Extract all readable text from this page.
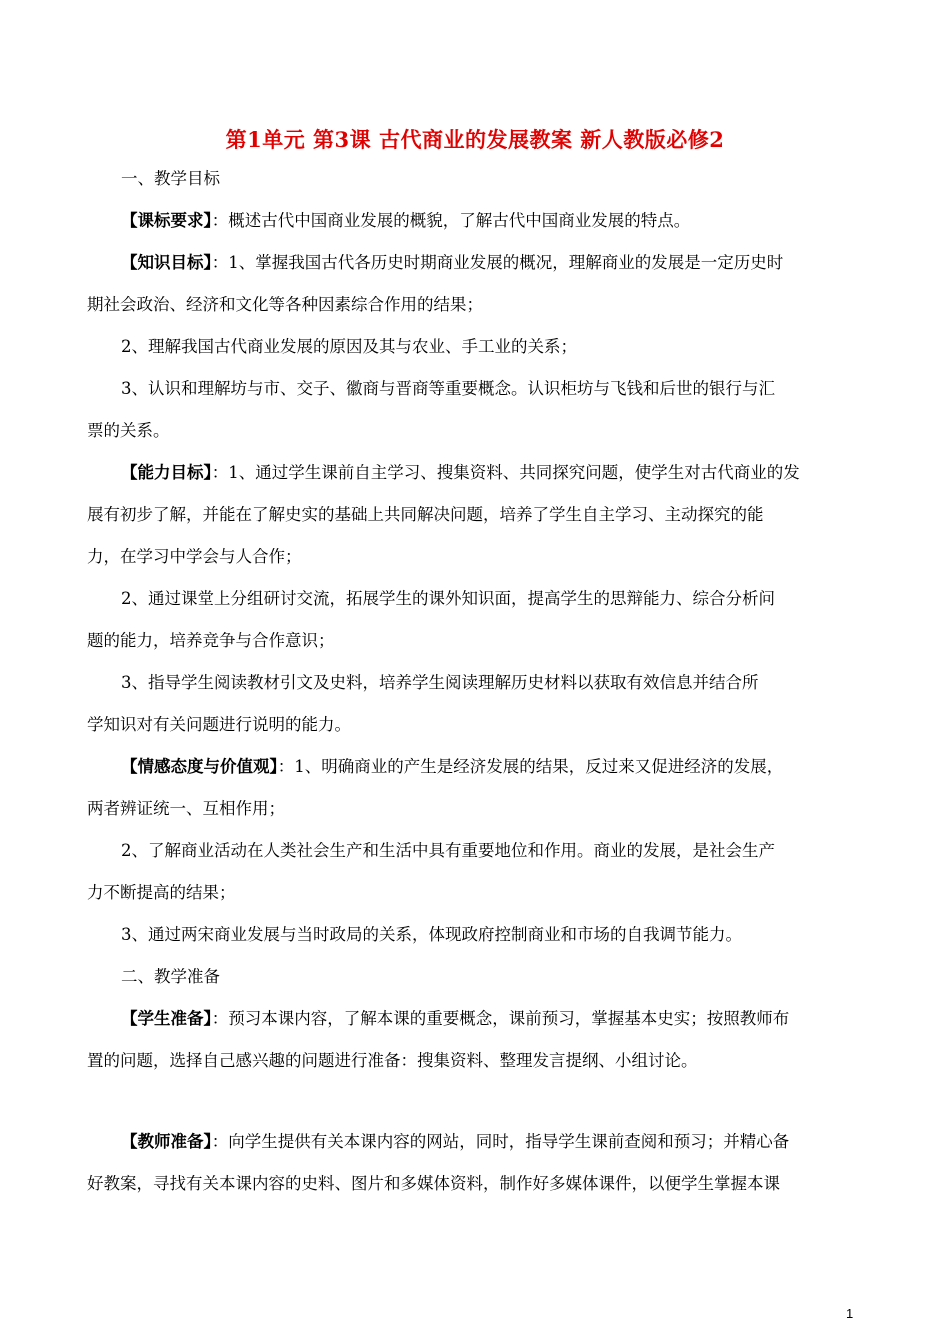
第1单元 第3课 古代商业的发展教案 新人教版必修2
一、教学目标
【课标要求】：概述古代中国商业发展的概貌，了解古代中国商业发展的特点。
【知识目标】：1、掌握我国古代各历史时期商业发展的概况，理解商业的发展是一定历史时
期社会政治、经济和文化等各种因素综合作用的结果；
2、理解我国古代商业发展的原因及其与农业、手工业的关系；
3、认识和理解坊与市、交子、徽商与晋商等重要概念。认识柜坊与飞钱和后世的银行与汇
票的关系。
【能力目标】：1、通过学生课前自主学习、搜集资料、共同探究问题，使学生对古代商业的发
展有初步了解，并能在了解史实的基础上共同解决问题，培养了学生自主学习、主动探究的能
力，在学习中学会与人合作；
2、通过课堂上分组研讨交流，拓展学生的课外知识面，提高学生的思辩能力、综合分析问
题的能力，培养竞争与合作意识；
3、指导学生阅读教材引文及史料，培养学生阅读理解历史材料以获取有效信息并结合所
学知识对有关问题进行说明的能力。
【情感态度与价值观】：1、明确商业的产生是经济发展的结果，反过来又促进经济的发展，
两者辨证统一、互相作用；
2、了解商业活动在人类社会生产和生活中具有重要地位和作用。商业的发展，是社会生产
力不断提高的结果；
3、通过两宋商业发展与当时政局的关系，体现政府控制商业和市场的自我调节能力。
二、教学准备
【学生准备】：预习本课内容，了解本课的重要概念，课前预习，掌握基本史实；按照教师布
置的问题，选择自己感兴趣的问题进行准备：搜集资料、整理发言提纲、小组讨论。
【教师准备】：向学生提供有关本课内容的网站，同时，指导学生课前查阅和预习；并精心备
好教案，寻找有关本课内容的史料、图片和多媒体资料，制作好多媒体课件，以便学生掌握本课
1
